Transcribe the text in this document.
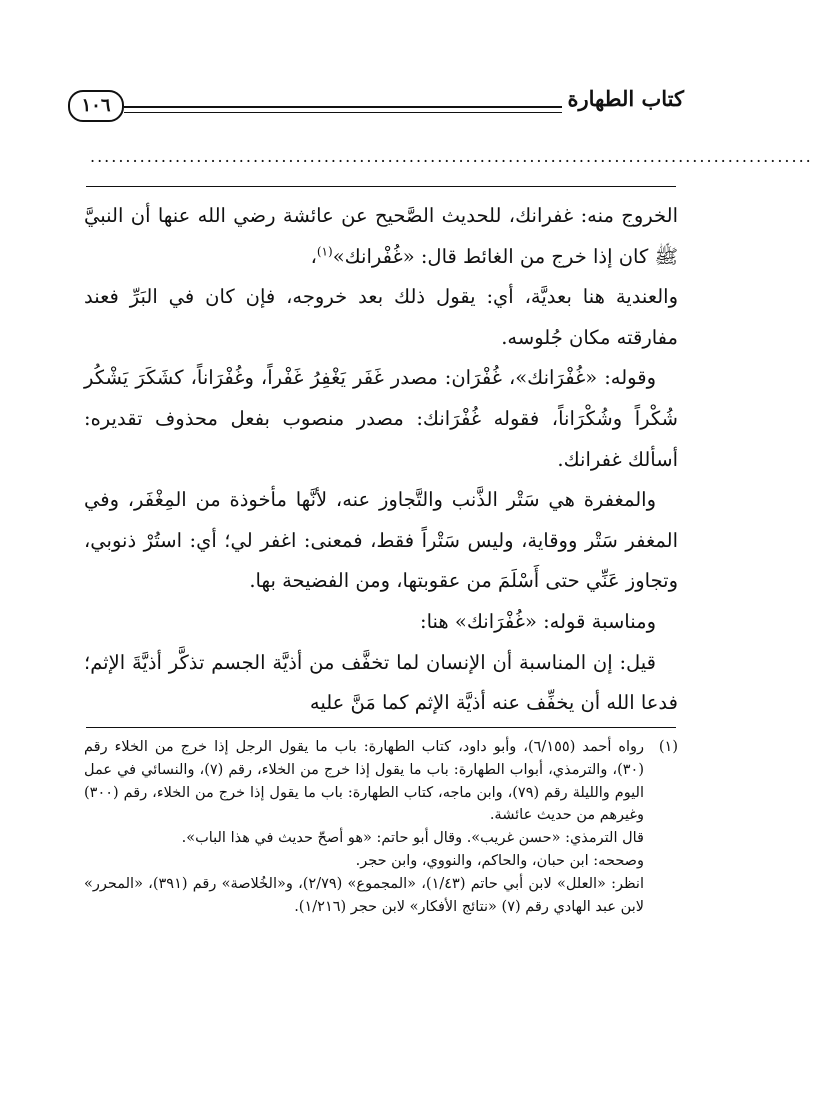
كتاب الطهارة
١٠٦
......................................................................................................

الخروج منه: غفرانك، للحديث الصَّحيح عن عائشة رضي الله عنها أن النبيَّ ﷺ كان إذا خرج من الغائط قال: «غُفْرانك»$^{(١)}$،

والعندية هنا بعديَّة، أي: يقول ذلك بعد خروجه، فإن كان في البَرِّ فعند مفارقته مكان جُلوسه.

وقوله: «غُفْرَانك»، غُفْرَان: مصدر غَفَر يَغْفِرُ غَفْراً، وغُفْرَاناً، كشَكَرَ يَشْكُر شُكْراً وشُكْرَاناً، فقوله غُفْرَانك: مصدر منصوب بفعل محذوف تقديره: أسألك غفرانك.

والمغفرة هي سَتْر الذَّنب والتَّجاوز عنه، لأنَّها مأخوذة من المِغْفَر، وفي المغفر سَتْر ووقاية، وليس سَتْراً فقط، فمعنى: اغفر لي؛ أي: استُرْ ذنوبي، وتجاوز عَنِّي حتى أَسْلَمَ من عقوبتها، ومن الفضيحة بها.

ومناسبة قوله: «غُفْرَانك» هنا:

قيل: إن المناسبة أن الإنسان لما تخفَّف من أذيَّة الجسم تذكَّر أذيَّةَ الإثم؛ فدعا الله أن يخفِّف عنه أذيَّة الإثم كما مَنَّ عليه

(١)

رواه أحمد (٦/١٥٥)، وأبو داود، كتاب الطهارة: باب ما يقول الرجل إذا خرج من الخلاء رقم (٣٠)، والترمذي، أبواب الطهارة: باب ما يقول إذا خرج من الخلاء، رقم (٧)، والنسائي في عمل اليوم والليلة رقم (٧٩)، وابن ماجه، كتاب الطهارة: باب ما يقول إذا خرج من الخلاء، رقم (٣٠٠) وغيرهم من حديث عائشة.

قال الترمذي: «حسن غريب». وقال أبو حاتم: «هو أصحّ حديث في هذا الباب».

وصححه: ابن حبان، والحاكم، والنووي، وابن حجر.

انظر: «العلل» لابن أبي حاتم (١/٤٣)، «المجموع» (٢/٧٩)، و«الخُلاصة» رقم (٣٩١)، «المحرر» لابن عبد الهادي رقم (٧) «نتائج الأفكار» لابن حجر (١/٢١٦).
